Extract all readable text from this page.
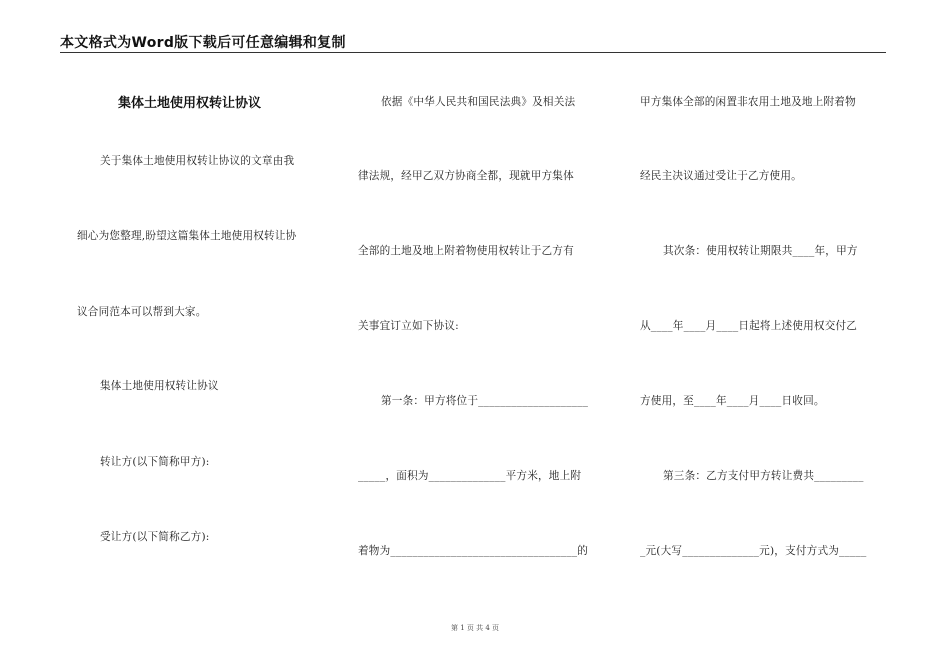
本文格式为Word版下载后可任意编辑和复制
集体土地使用权转让协议
关于集体土地使用权转让协议的文章由我
细心为您整理,盼望这篇集体土地使用权转让协
议合同范本可以帮到大家。
集体土地使用权转让协议
转让方(以下简称甲方):
受让方(以下简称乙方):
依据《中华人民共和国民法典》及相关法
律法规，经甲乙双方协商全都，现就甲方集体
全部的土地及地上附着物使用权转让于乙方有
关事宜订立如下协议:
第一条：甲方将位于____________________
_____，面积为______________平方米，地上附
着物为__________________________________的
甲方集体全部的闲置非农用土地及地上附着物
经民主决议通过受让于乙方使用。
其次条：使用权转让期限共____年，甲方
从____年____月____日起将上述使用权交付乙
方使用，至____年____月____日收回。
第三条：乙方支付甲方转让费共_________
_元(大写______________元)，支付方式为_____
第 1 页 共 4 页
